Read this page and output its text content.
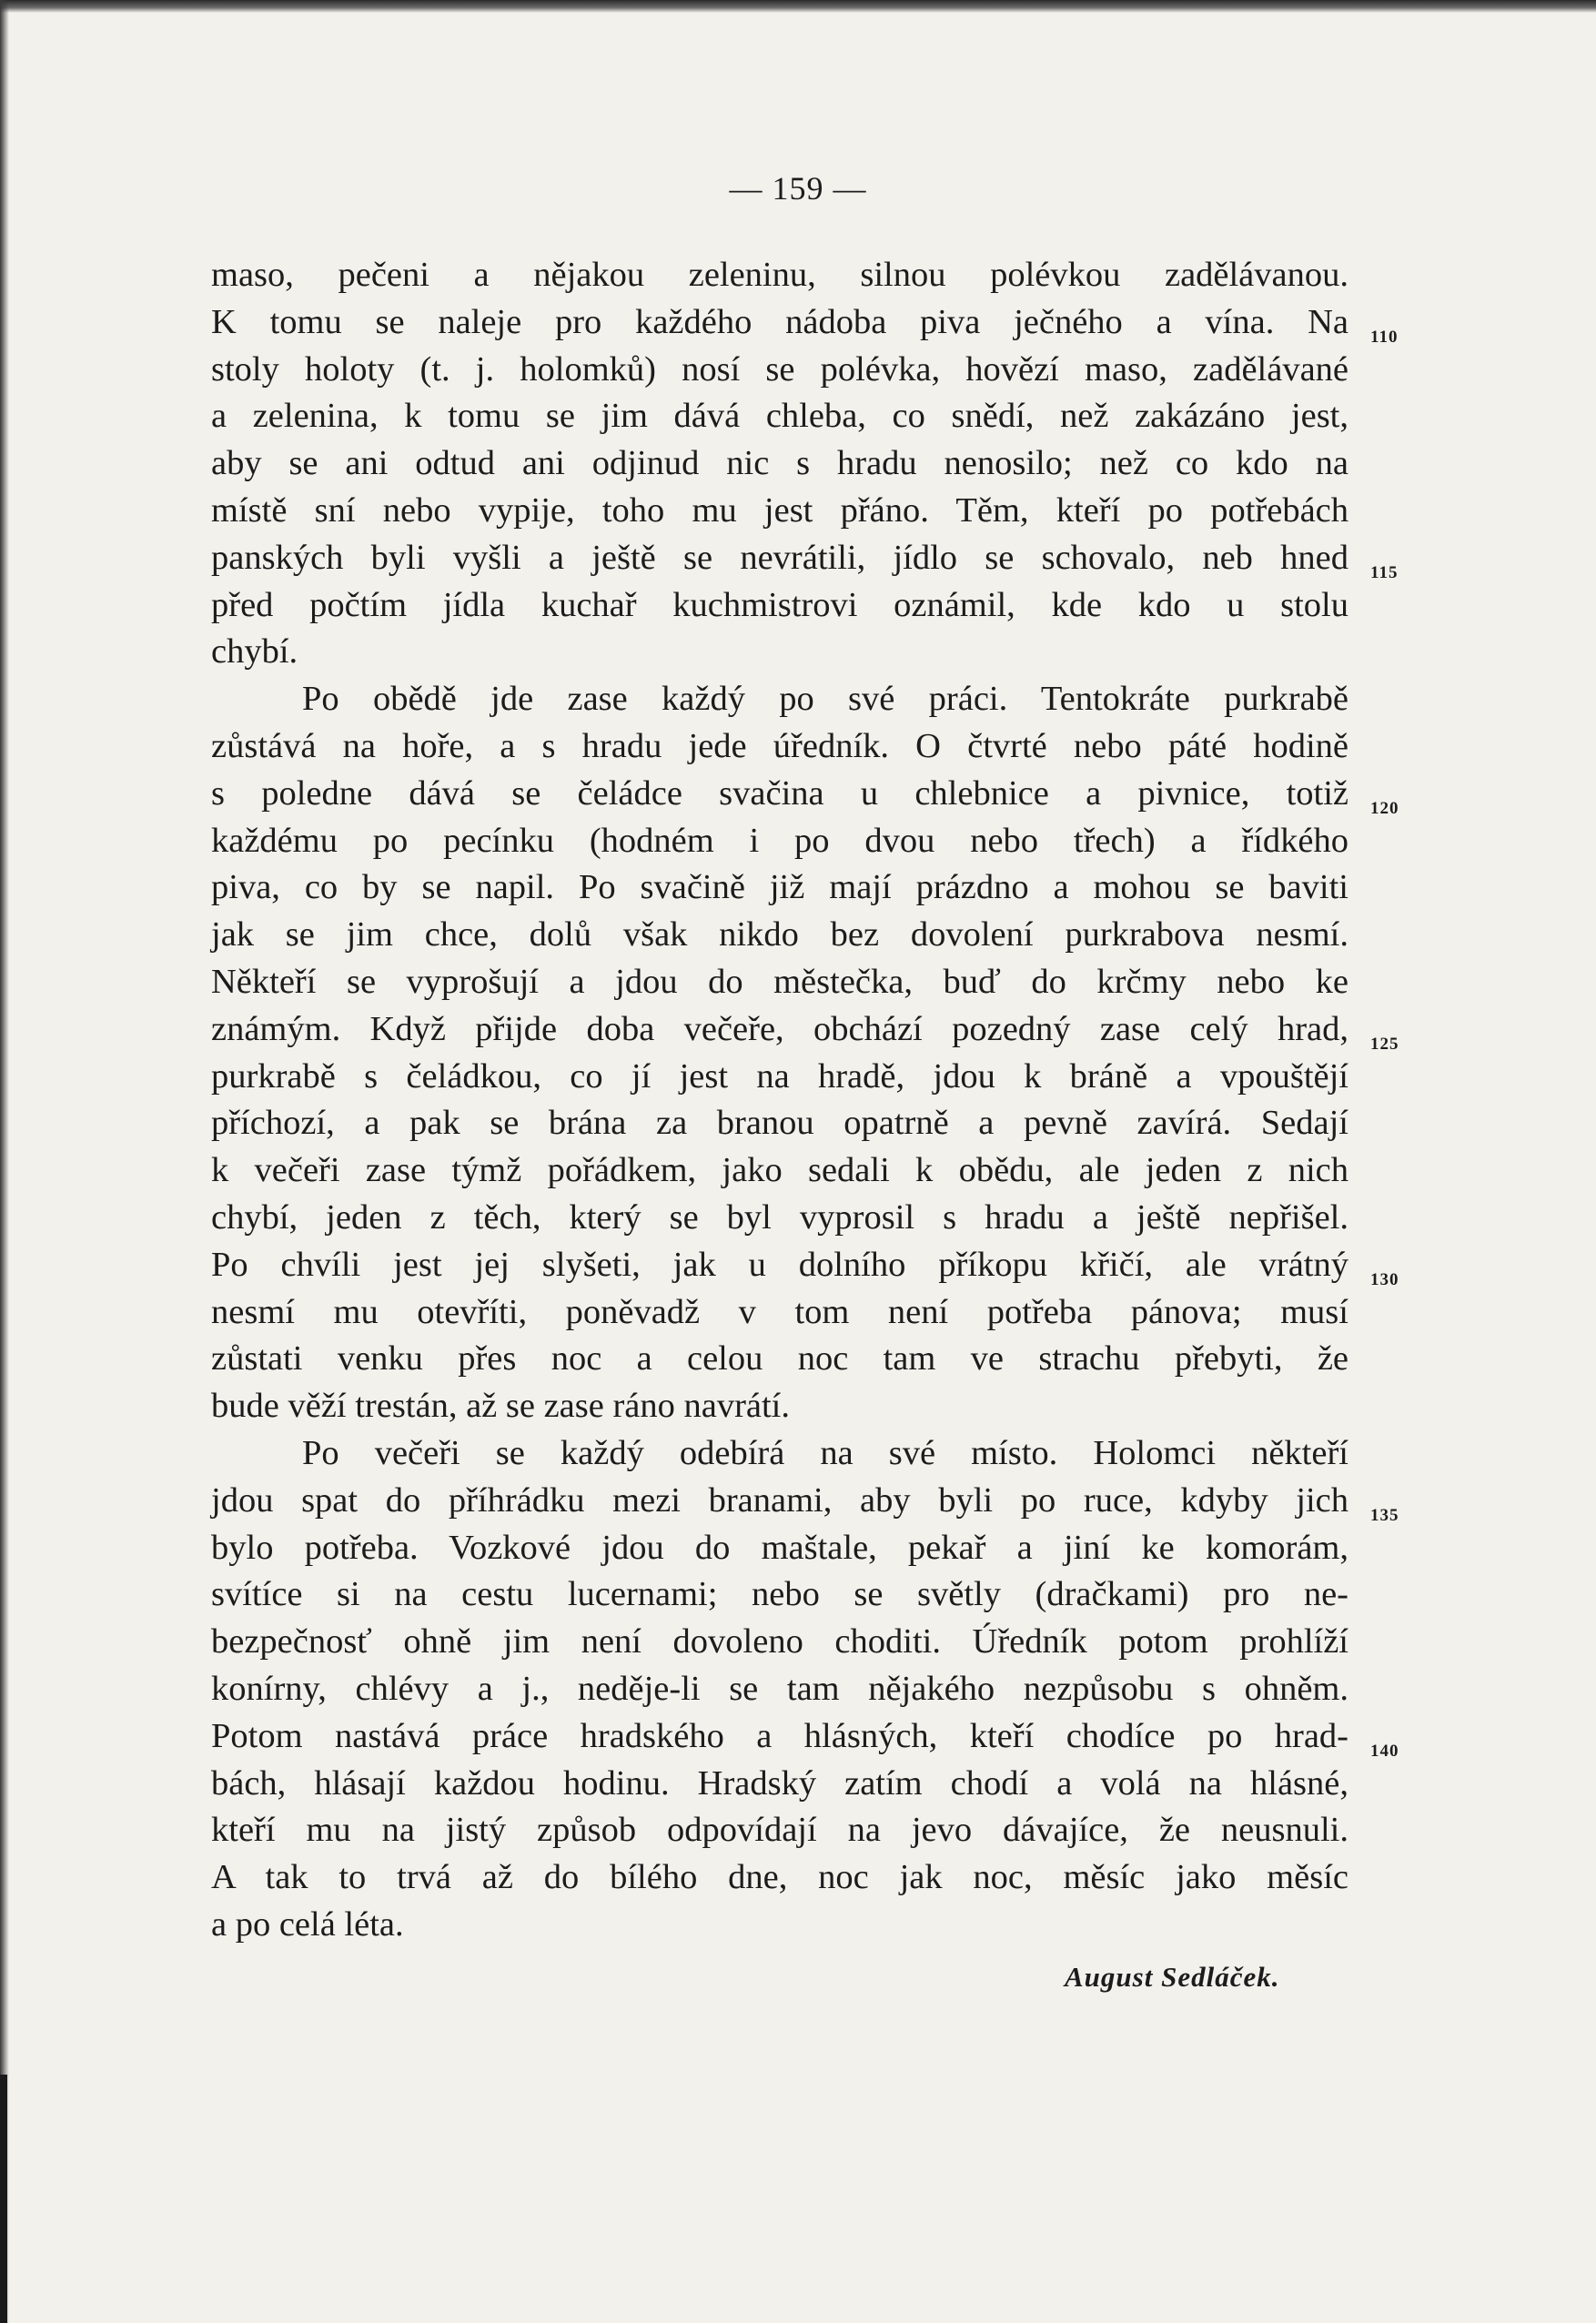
— 159 —
maso, pečeni a nějakou zeleninu, silnou polévkou zadělávanou.
K tomu se naleje pro každého nádoba piva ječného a vína. Na
stoly holoty (t. j. holomků) nosí se polévka, hovězí maso, zadělávané
a zelenina, k tomu se jim dává chleba, co snědí, než zakázáno jest,
aby se ani odtud ani odjinud nic s hradu nenosilo; než co kdo na
místě sní nebo vypije, toho mu jest přáno. Těm, kteří po potřebách
panských byli vyšli a ještě se nevrátili, jídlo se schovalo, neb hned
před počtím jídla kuchař kuchmistrovi oznámil, kde kdo u stolu
chybí.
Po obědě jde zase každý po své práci. Tentokráte purkrabě
zůstává na hoře, a s hradu jede úředník. O čtvrté nebo páté hodině
s poledne dává se čeládce svačina u chlebnice a pivnice, totiž
každému po pecínku (hodném i po dvou nebo třech) a řídkého
piva, co by se napil. Po svačině již mají prázdno a mohou se baviti
jak se jim chce, dolů však nikdo bez dovolení purkrabova nesmí.
Někteří se vyprošují a jdou do městečka, buď do krčmy nebo ke
známým. Když přijde doba večeře, obchází pozedný zase celý hrad,
purkrabě s čeládkou, co jí jest na hradě, jdou k bráně a vpouštějí
příchozí, a pak se brána za branou opatrně a pevně zavírá. Sedají
k večeři zase týmž pořádkem, jako sedali k obědu, ale jeden z nich
chybí, jeden z těch, který se byl vyprosil s hradu a ještě nepřišel.
Po chvíli jest jej slyšeti, jak u dolního příkopu křičí, ale vrátný
nesmí mu otevříti, poněvadž v tom není potřeba pánova; musí
zůstati venku přes noc a celou noc tam ve strachu přebyti, že
bude věží trestán, až se zase ráno navrátí.
Po večeři se každý odebírá na své místo. Holomci někteří
jdou spat do příhrádku mezi branami, aby byli po ruce, kdyby jich
bylo potřeba. Vozkové jdou do maštale, pekař a jiní ke komorám,
svítíce si na cestu lucernami; nebo se světly (dračkami) pro ne-
bezpečnosť ohně jim není dovoleno choditi. Úředník potom prohlíží
konírny, chlévy a j., neděje-li se tam nějakého nezpůsobu s ohněm.
Potom nastává práce hradského a hlásných, kteří chodíce po hrad-
bách, hlásají každou hodinu. Hradský zatím chodí a volá na hlásné,
kteří mu na jistý způsob odpovídají na jevo dávajíce, že neusnuli.
A tak to trvá až do bílého dne, noc jak noc, měsíc jako měsíc
a po celá léta.
110
115
120
125
130
135
140
August Sedláček.
